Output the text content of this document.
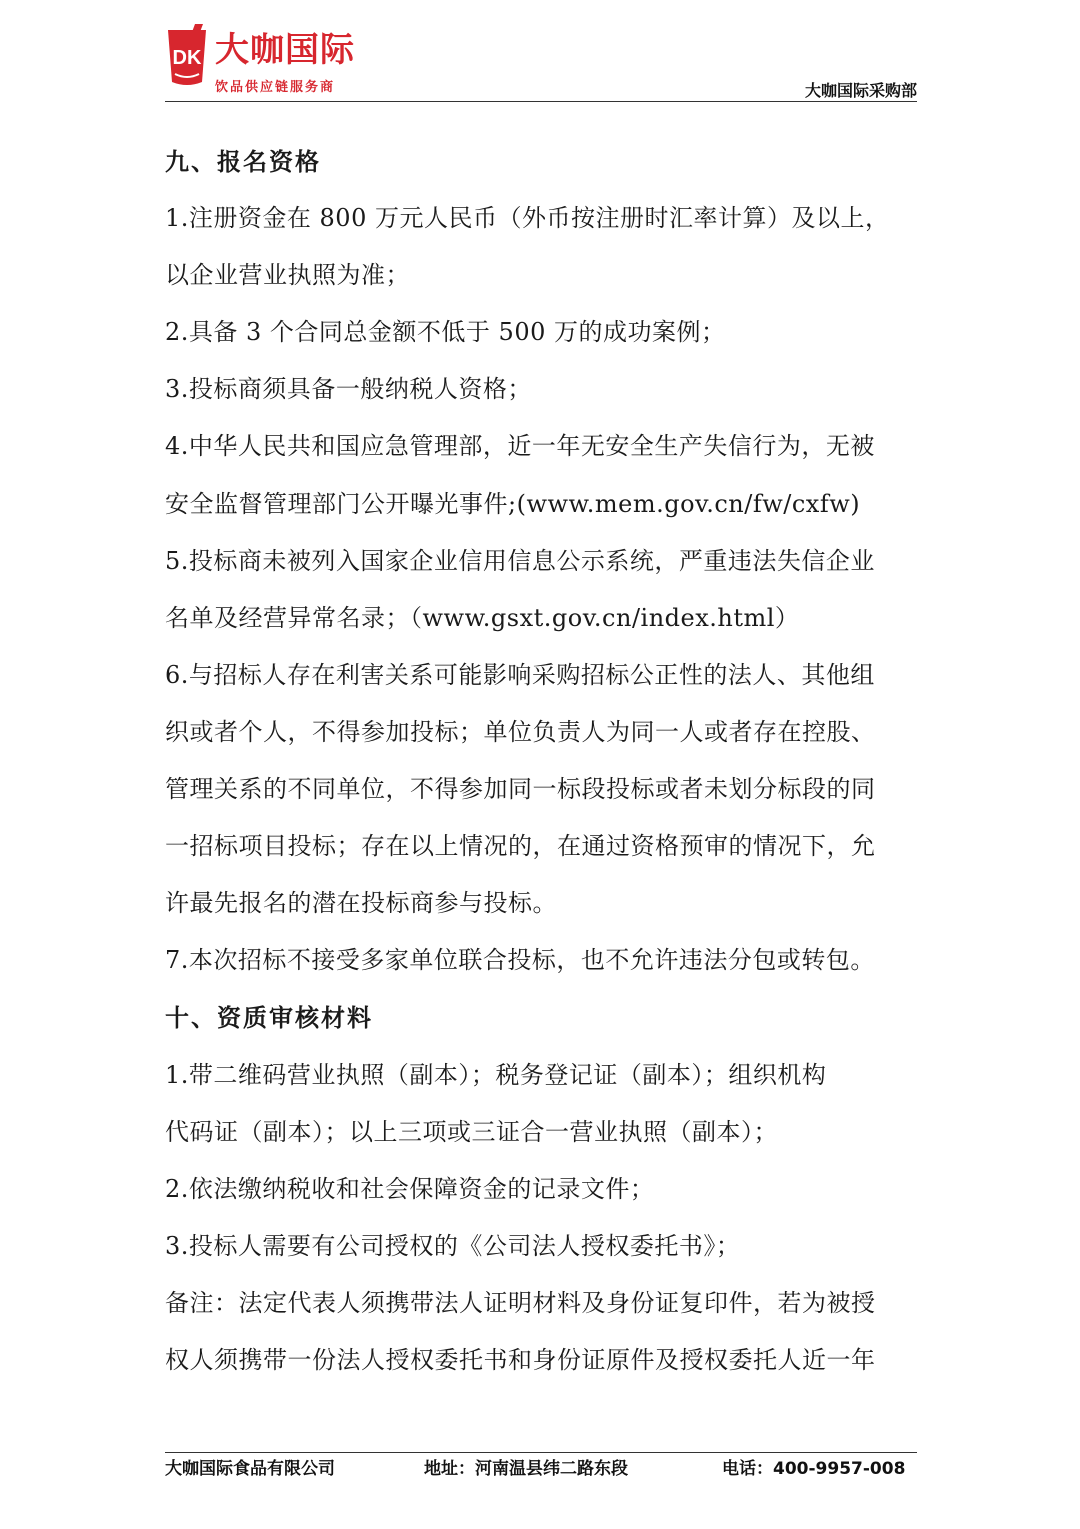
DK 大咖国际
饮品供应链服务商	大咖国际采购部
九、报名资格
1.注册资金在 800 万元人民币（外币按注册时汇率计算）及以上，
以企业营业执照为准；
2.具备 3 个合同总金额不低于 500 万的成功案例；
3.投标商须具备一般纳税人资格；
4.中华人民共和国应急管理部，近一年无安全生产失信行为，无被
安全监督管理部门公开曝光事件;(www.mem.gov.cn/fw/cxfw)
5.投标商未被列入国家企业信用信息公示系统，严重违法失信企业
名单及经营异常名录；（www.gsxt.gov.cn/index.html）
6.与招标人存在利害关系可能影响采购招标公正性的法人、其他组
织或者个人，不得参加投标；单位负责人为同一人或者存在控股、
管理关系的不同单位，不得参加同一标段投标或者未划分标段的同
一招标项目投标；存在以上情况的，在通过资格预审的情况下，允
许最先报名的潜在投标商参与投标。
7.本次招标不接受多家单位联合投标，也不允许违法分包或转包。
十、资质审核材料
1.带二维码营业执照（副本）；税务登记证（副本）；组织机构
代码证（副本）；以上三项或三证合一营业执照（副本）；
2.依法缴纳税收和社会保障资金的记录文件；
3.投标人需要有公司授权的《公司法人授权委托书》；
备注：法定代表人须携带法人证明材料及身份证复印件，若为被授
权人须携带一份法人授权委托书和身份证原件及授权委托人近一年
大咖国际食品有限公司	地址：河南温县纬二路东段	电话：400-9957-008
